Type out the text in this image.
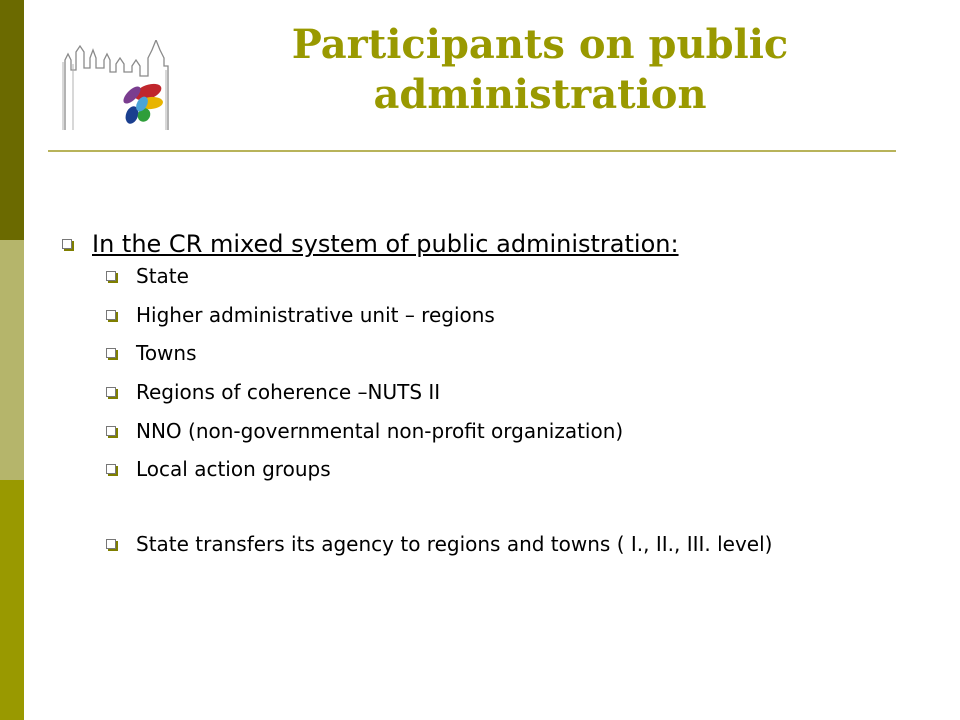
Participants on public administration
In the CR mixed system of public administration:
State
Higher administrative unit – regions
Towns
Regions of coherence –NUTS II
NNO (non-governmental non-profit organization)
Local action groups
State transfers its agency to regions and towns ( I., II., III. level)
